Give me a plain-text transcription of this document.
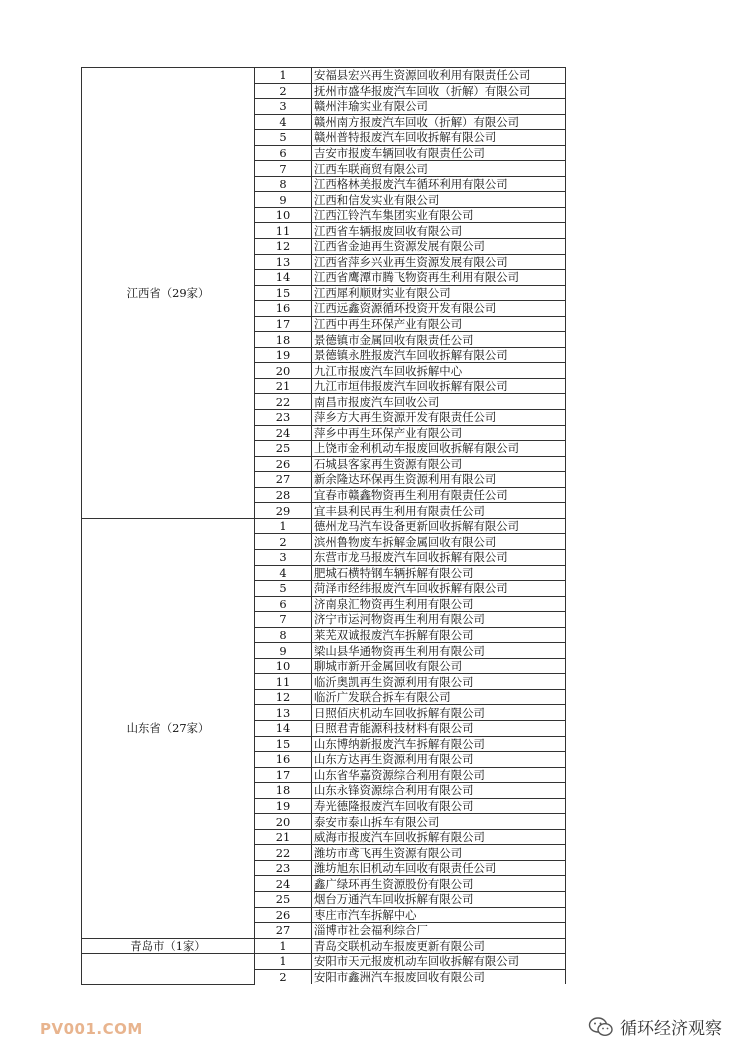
江西省（29家）	1	安福县宏兴再生资源回收利用有限责任公司
	2	抚州市盛华报废汽车回收（折解）有限公司
	3	赣州沣瑜实业有限公司
	4	赣州南方报废汽车回收（折解）有限公司
	5	赣州普特报废汽车回收拆解有限公司
	6	吉安市报废车辆回收有限责任公司
	7	江西车联商贸有限公司
	8	江西格林美报废汽车循环利用有限公司
	9	江西和信发实业有限公司
	10	江西江铃汽车集团实业有限公司
	11	江西省车辆报废回收有限公司
	12	江西省金迪再生资源发展有限公司
	13	江西省萍乡兴业再生资源发展有限公司
	14	江西省鹰潭市腾飞物资再生利用有限公司
	15	江西犀利顺财实业有限公司
	16	江西远鑫资源循环投资开发有限公司
	17	江西中再生环保产业有限公司
	18	景德镇市金属回收有限责任公司
	19	景德镇永胜报废汽车回收拆解有限公司
	20	九江市报废汽车回收拆解中心
	21	九江市垣伟报废汽车回收拆解有限公司
	22	南昌市报废汽车回收公司
	23	萍乡方大再生资源开发有限责任公司
	24	萍乡中再生环保产业有限公司
	25	上饶市金利机动车报废回收拆解有限公司
	26	石城县客家再生资源有限公司
	27	新余隆达环保再生资源利用有限公司
	28	宜春市赣鑫物资再生利用有限责任公司
	29	宜丰县利民再生利用有限责任公司
山东省（27家）	1	德州龙马汽车设备更新回收拆解有限公司
	2	滨州鲁物废车拆解金属回收有限公司
	3	东营市龙马报废汽车回收拆解有限公司
	4	肥城石横特钢车辆拆解有限公司
	5	菏泽市经纬报废汽车回收拆解有限公司
	6	济南泉汇物资再生利用有限公司
	7	济宁市运河物资再生利用有限公司
	8	莱芜双诚报废汽车拆解有限公司
	9	梁山县华通物资再生利用有限公司
	10	聊城市新开金属回收有限公司
	11	临沂奥凯再生资源利用有限公司
	12	临沂广发联合拆车有限公司
	13	日照佰庆机动车回收拆解有限公司
	14	日照君青能源科技材料有限公司
	15	山东博纳新报废汽车拆解有限公司
	16	山东方达再生资源利用有限公司
	17	山东省华嘉资源综合利用有限公司
	18	山东永锋资源综合利用有限公司
	19	寿光德隆报废汽车回收有限公司
	20	泰安市泰山拆车有限公司
	21	威海市报废汽车回收拆解有限公司
	22	潍坊市鸢飞再生资源有限公司
	23	潍坊旭东旧机动车回收有限责任公司
	24	鑫广绿环再生资源股份有限公司
	25	烟台万通汽车回收拆解有限公司
	26	枣庄市汽车拆解中心
	27	淄博市社会福利综合厂
青岛市（1家）	1	青岛交联机动车报废更新有限公司
	1	安阳市天元报废机动车回收拆解有限公司
	2	安阳市鑫洲汽车报废回收有限公司
PV001.COM	循环经济观察
